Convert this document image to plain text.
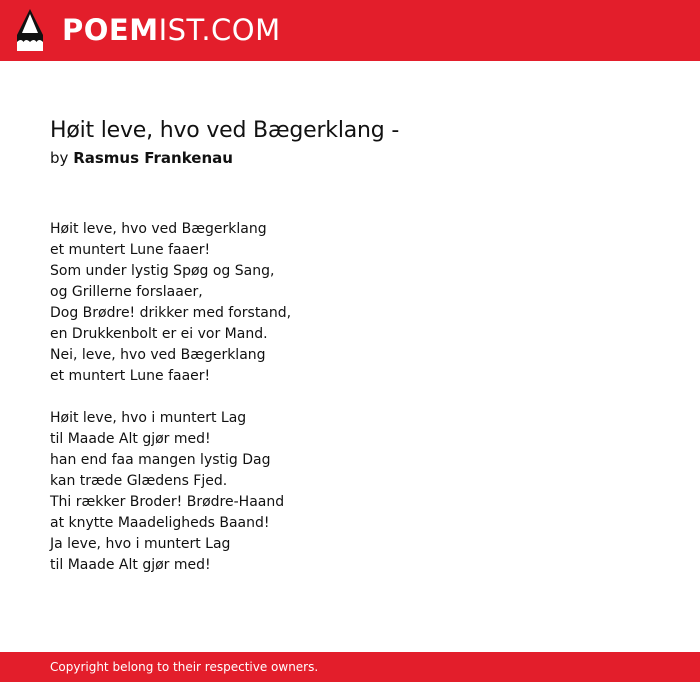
POEMIST.COM
Høit leve, hvo ved Bægerklang -
by Rasmus Frankenau
Høit leve, hvo ved Bægerklang
et muntert Lune faaer!
Som under lystig Spøg og Sang,
og Grillerne forslaaer,
Dog Brødre! drikker med forstand,
en Drukkenbolt er ei vor Mand.
Nei, leve, hvo ved Bægerklang
et muntert Lune faaer!
Høit leve, hvo i muntert Lag
til Maade Alt gjør med!
han end faa mangen lystig Dag
kan træde Glædens Fjed.
Thi rækker Broder! Brødre-Haand
at knytte Maadeligheds Baand!
Ja leve, hvo i muntert Lag
til Maade Alt gjør med!
Copyright belong to their respective owners.
